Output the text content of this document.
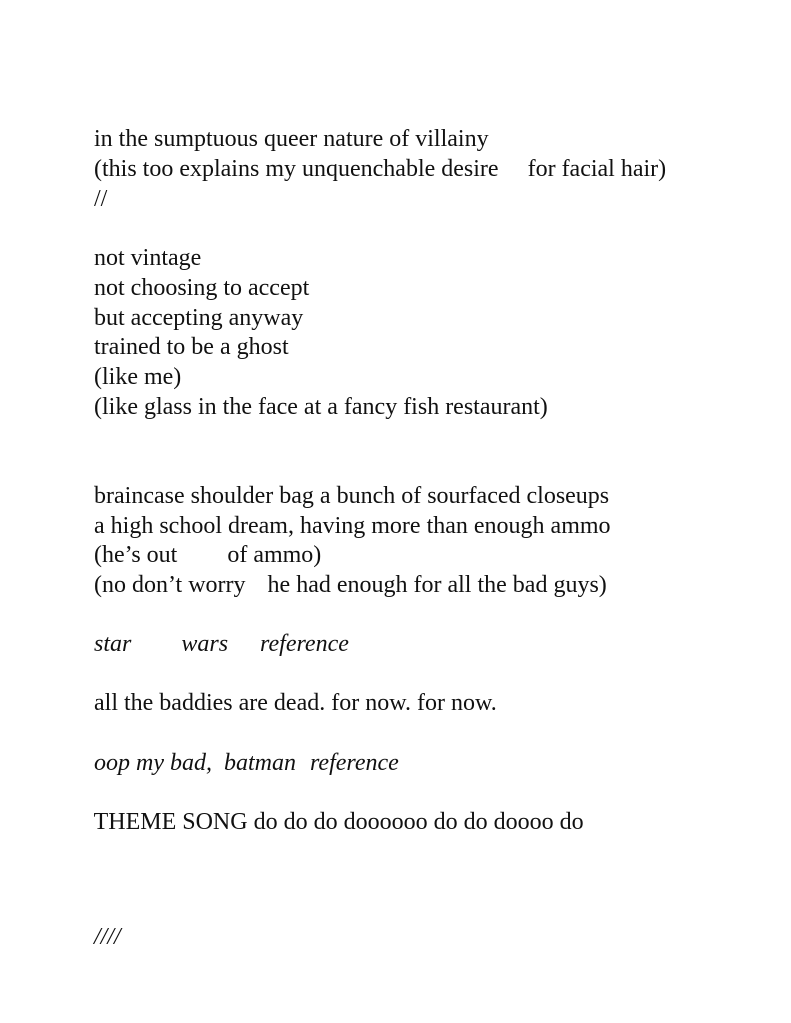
in the sumptuous queer nature of villainy

(this too explains my unquenchable desire for facial hair)

//

not vintage

not choosing to accept

but accepting anyway

trained to be a ghost

(like me)

(like glass in the face at a fancy fish restaurant)

braincase shoulder bag a bunch of sourfaced closeups

a high school dream, having more than enough ammo

(he’s out of ammo)

(no don’t worry he had enough for all the bad guys)

star wars reference

all the baddies are dead. for now. for now.

oop my bad,  batman reference

THEME SONG do do do doooooo do do doooo do

////
